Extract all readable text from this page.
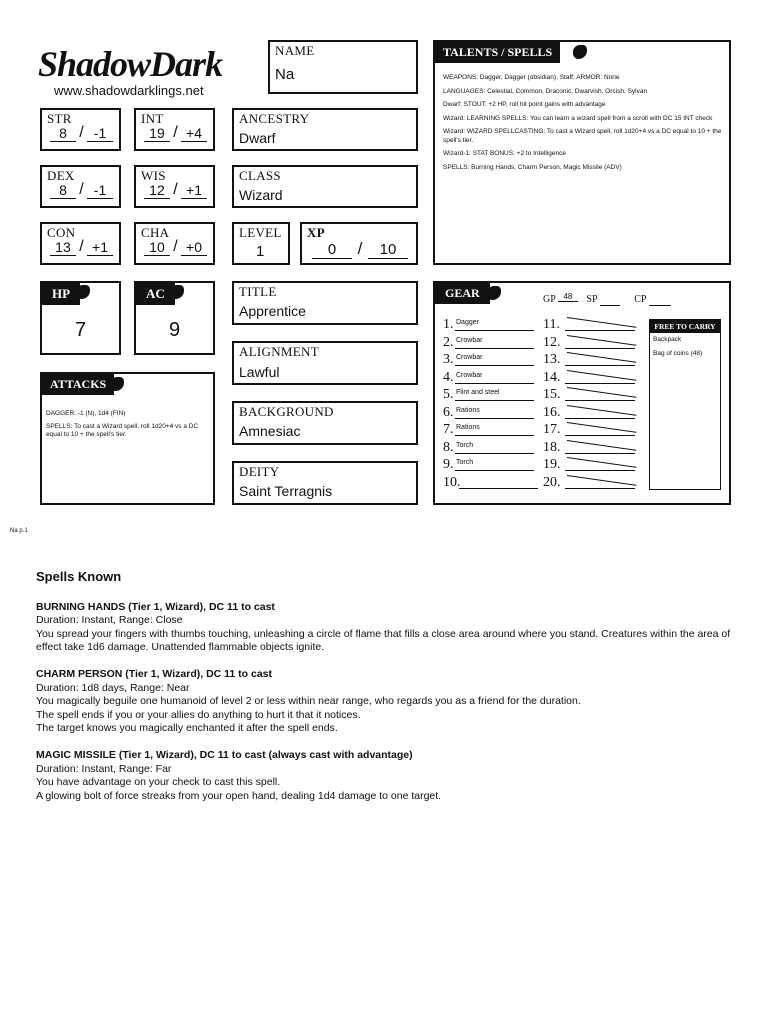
ShadowDark
www.shadowdarklings.net
NAME
Na
STR
8 / -1
INT
19 / +4
DEX
8 / -1
WIS
12 / +1
CON
13 / +1
CHA
10 / +0
ANCESTRY
Dwarf
CLASS
Wizard
LEVEL
1
XP
0	/	10
HP
7
AC
9
TITLE
Apprentice
ALIGNMENT
Lawful
BACKGROUND
Amnesiac
DEITY
Saint Terragnis
ATTACKS
DAGGER: -1 (N), 1d4 (FIN)
SPELLS: To cast a Wizard spell, roll 1d20+4 vs a DC equal to 10 + the spell's tier.
TALENTS / SPELLS
WEAPONS: Dagger, Dagger (obsidian), Staff; ARMOR: None
LANGUAGES: Celestial, Common, Draconic, Dwarvish, Orcish, Sylvan
Dwarf: STOUT: +2 HP, roll hit point gains with advantage
Wizard: LEARNING SPELLS: You can learn a wizard spell from a scroll with DC 15 INT check
Wizard: WIZARD SPELLCASTING: To cast a Wizard spell, roll 1d20+4 vs a DC equal to 10 + the spell's tier.
Wizard-1: STAT BONUS: +2 to Intelligence
SPELLS: Burning Hands, Charm Person, Magic Missile (ADV)
GEAR	GP 48 SP	CP
1. Dagger
2. Crowbar
3. Crowbar
4. Crowbar
5. Flint and steel
6. Rations
7. Rations
8. Torch
9. Torch
10.
11.
12.
13.
14.
15.
16.
17.
18.
19.
20.
FREE TO CARRY
Backpack
Bag of coins (48)
Na p.1
Spells Known
BURNING HANDS (Tier 1, Wizard), DC 11 to cast
Duration: Instant, Range: Close
You spread your fingers with thumbs touching, unleashing a circle of flame that fills a close area around where you stand. Creatures within the area of effect take 1d6 damage. Unattended flammable objects ignite.
CHARM PERSON (Tier 1, Wizard), DC 11 to cast
Duration: 1d8 days, Range: Near
You magically beguile one humanoid of level 2 or less within near range, who regards you as a friend for the duration.
The spell ends if you or your allies do anything to hurt it that it notices.
The target knows you magically enchanted it after the spell ends.
MAGIC MISSILE (Tier 1, Wizard), DC 11 to cast (always cast with advantage)
Duration: Instant, Range: Far
You have advantage on your check to cast this spell.
A glowing bolt of force streaks from your open hand, dealing 1d4 damage to one target.
